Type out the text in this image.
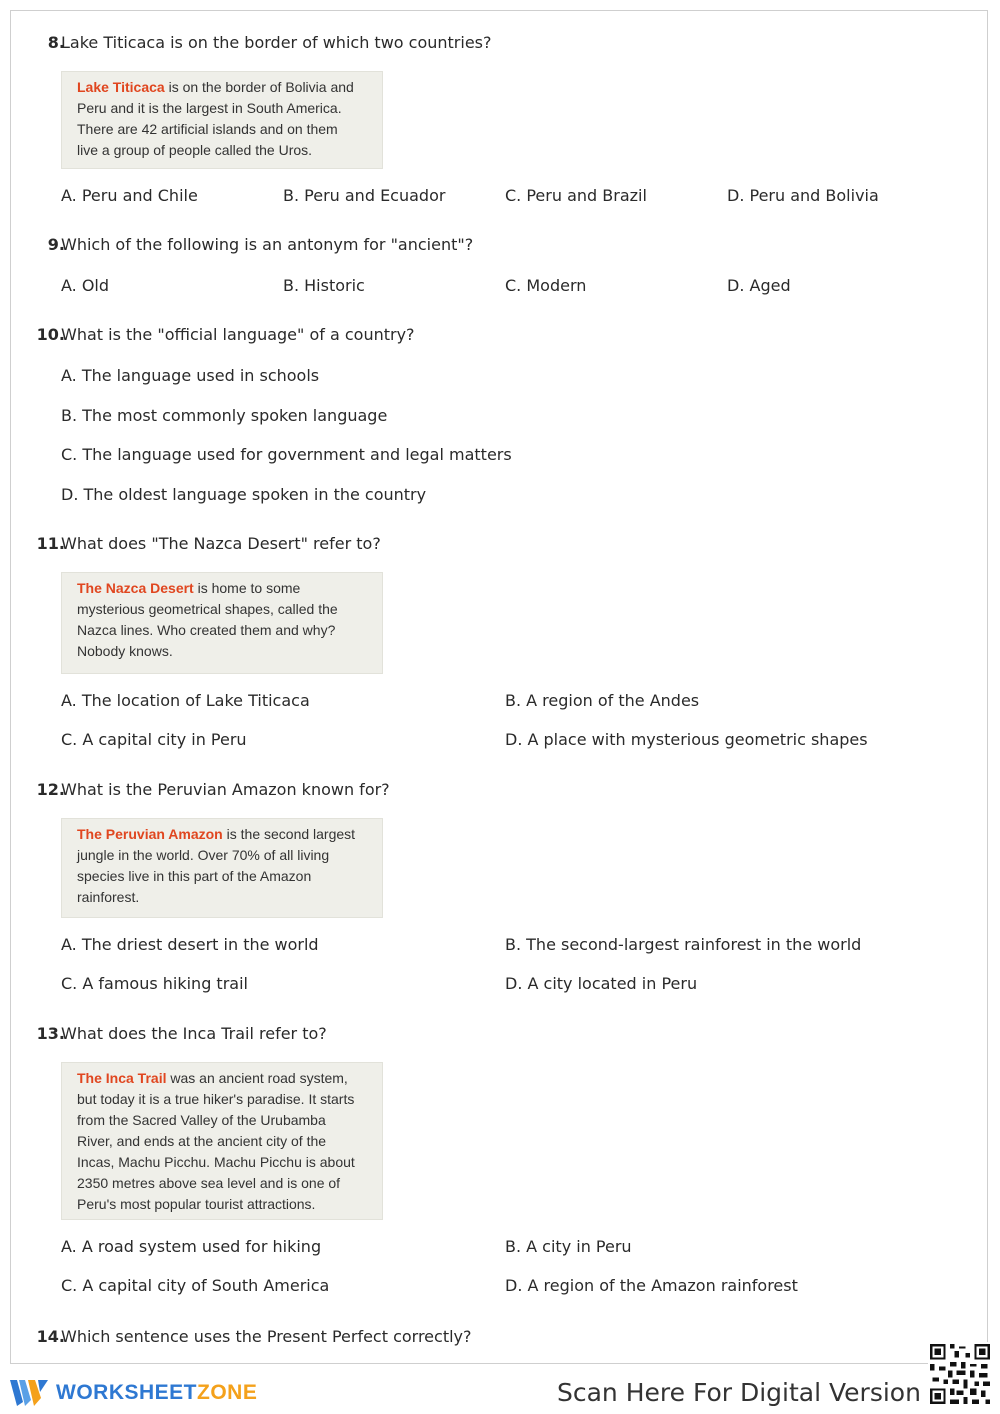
8.
Lake Titicaca is on the border of which two countries?
Lake Titicaca is on the border of Bolivia and
Peru and it is the largest in South America.
There are 42 artificial islands and on them
live a group of people called the Uros.
A. Peru and Chile	B. Peru and Ecuador	C. Peru and Brazil	D. Peru and Bolivia
9.
Which of the following is an antonym for "ancient"?
A. Old	B. Historic	C. Modern	D. Aged
10.
What is the "official language" of a country?
A. The language used in schools
B. The most commonly spoken language
C. The language used for government and legal matters
D. The oldest language spoken in the country
11.
What does "The Nazca Desert" refer to?
The Nazca Desert is home to some
mysterious geometrical shapes, called the
Nazca lines. Who created them and why?
Nobody knows.
A. The location of Lake Titicaca	B. A region of the Andes
C. A capital city in Peru	D. A place with mysterious geometric shapes
12.
What is the Peruvian Amazon known for?
The Peruvian Amazon is the second largest
jungle in the world. Over 70% of all living
species live in this part of the Amazon
rainforest.
A. The driest desert in the world	B. The second-largest rainforest in the world
C. A famous hiking trail	D. A city located in Peru
13.
What does the Inca Trail refer to?
The Inca Trail was an ancient road system,
but today it is a true hiker's paradise. It starts
from the Sacred Valley of the Urubamba
River, and ends at the ancient city of the
Incas, Machu Picchu. Machu Picchu is about
2350 metres above sea level and is one of
Peru's most popular tourist attractions.
A. A road system used for hiking	B. A city in Peru
C. A capital city of South America	D. A region of the Amazon rainforest
14.
Which sentence uses the Present Perfect correctly?
WORKSHEETZONE	Scan Here For Digital Version
